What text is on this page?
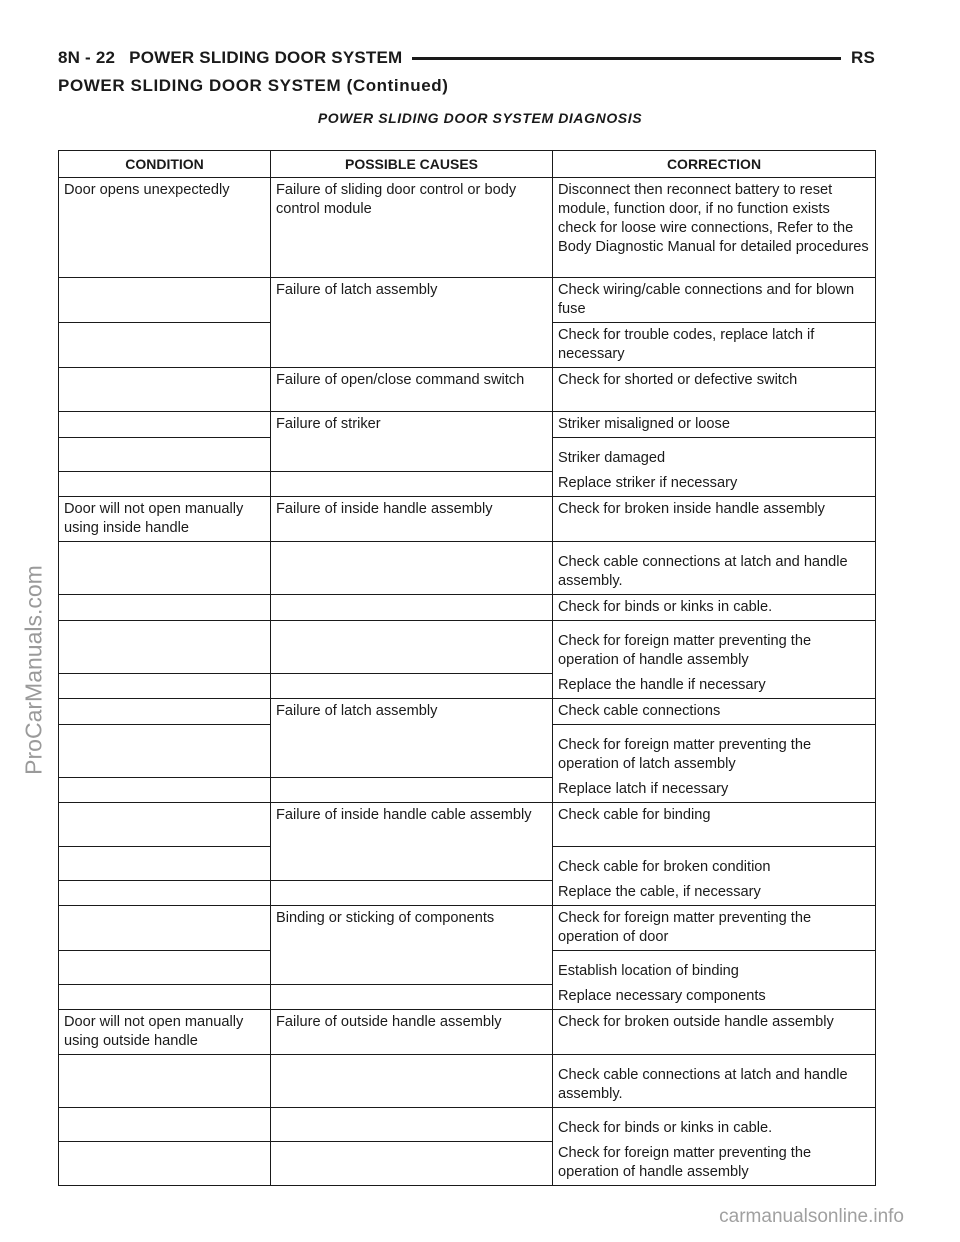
8N - 22 POWER SLIDING DOOR SYSTEM	RS
POWER SLIDING DOOR SYSTEM (Continued)
POWER SLIDING DOOR SYSTEM DIAGNOSIS
CONDITION	POSSIBLE CAUSES	CORRECTION
Door opens unexpectedly	Failure of sliding door control or body control module	Disconnect then reconnect battery to reset module, function door, if no function exists check for loose wire connections, Refer to the Body Diagnostic Manual for detailed procedures
	Failure of latch assembly	Check wiring/cable connections and for blown fuse
		Check for trouble codes, replace latch if necessary
	Failure of open/close command switch	Check for shorted or defective switch
	Failure of striker	Striker misaligned or loose
		Striker damaged
		Replace striker if necessary
Door will not open manually using inside handle	Failure of inside handle assembly	Check for broken inside handle assembly
		Check cable connections at latch and handle assembly.
		Check for binds or kinks in cable.
		Check for foreign matter preventing the operation of handle assembly
		Replace the handle if necessary
	Failure of latch assembly	Check cable connections
		Check for foreign matter preventing the operation of latch assembly
		Replace latch if necessary
	Failure of inside handle cable assembly	Check cable for binding
		Check cable for broken condition
		Replace the cable, if necessary
	Binding or sticking of components	Check for foreign matter preventing the operation of door
		Establish location of binding
		Replace necessary components
Door will not open manually using outside handle	Failure of outside handle assembly	Check for broken outside handle assembly
		Check cable connections at latch and handle assembly.
		Check for binds or kinks in cable.
		Check for foreign matter preventing the operation of handle assembly
ProCarManuals.com
carmanualsonline.info
